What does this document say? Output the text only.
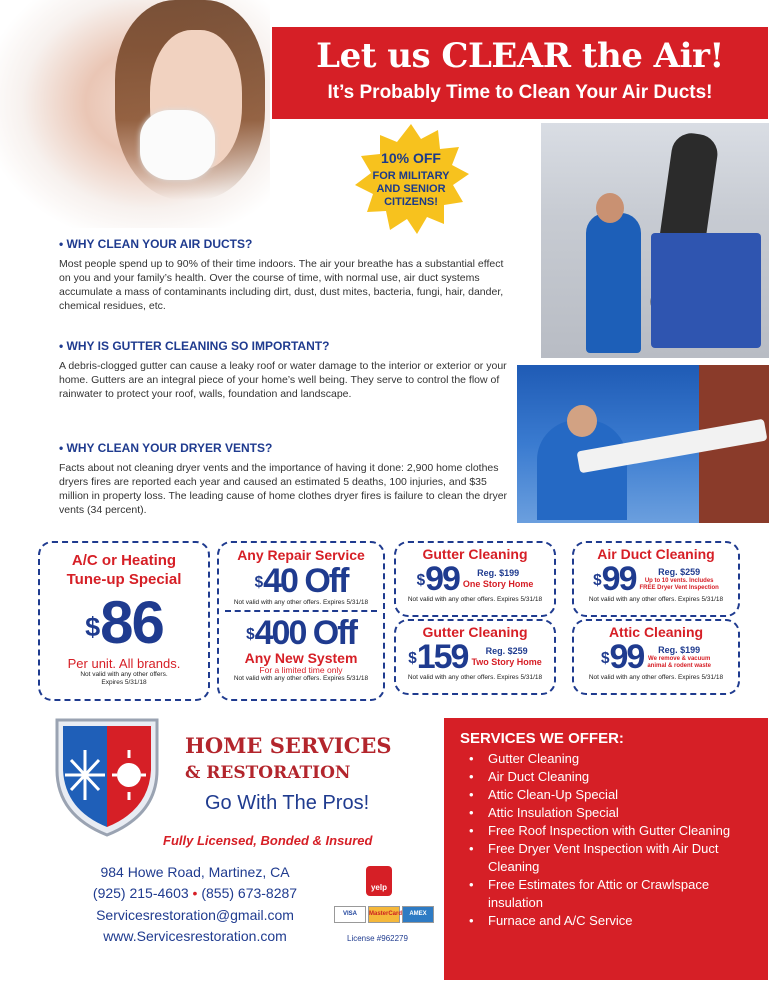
Let us CLEAR the Air!
It’s Probably Time to Clean Your Air Ducts!
10% OFF
FOR MILITARY
AND SENIOR
CITIZENS!
• WHY CLEAN YOUR AIR DUCTS?

Most people spend up to 90% of their time indoors. The air your breathe has a substantial effect on you and your family’s health. Over the course of time, with normal use, air duct systems accumulate a mass of contaminants including dirt, dust, dust mites, bacteria, fungi, hair, dander, chemical residues, etc.

• WHY IS GUTTER CLEANING SO IMPORTANT?

A debris-clogged gutter can cause a leaky roof or water damage to the interior or exterior or your home. Gutters are an integral piece of your home’s well being. They serve to control the flow of rainwater to protect your roof, walls, foundation and landscape.

• WHY CLEAN YOUR DRYER VENTS?

Facts about not cleaning dryer vents and the importance of having it done: 2,900 home clothes dryers fires are reported each year and caused an estimated 5 deaths, 100 injuries, and $35 million in property loss. The leading cause of home clothes dryer fires is failure to clean the dryer vents (34 percent).

A/C or Heating
Tune-up Special
$86
Per unit. All brands.
Not valid with any other offers.
Expires 5/31/18
Any Repair Service
$40 Off
Not valid with any other offers. Expires 5/31/18
$400 Off
Any New System
For a limited time only
Not valid with any other offers. Expires 5/31/18
Gutter Cleaning
$99	Reg. $199
One Story Home
Not valid with any other offers. Expires 5/31/18
Gutter Cleaning
$159	Reg. $259
Two Story Home
Not valid with any other offers. Expires 5/31/18
Air Duct Cleaning
$99	Reg. $259
Up to 10 vents. Includes
FREE Dryer Vent Inspection
Not valid with any other offers. Expires 5/31/18
Attic Cleaning
$99	Reg. $199
We remove & vacuum
animal & rodent waste
Not valid with any other offers. Expires 5/31/18
HOME SERVICES
& RESTORATION
Go With The Pros!
Fully Licensed, Bonded & Insured
984 Howe Road, Martinez, CA
(925) 215-4603 • (855) 673-8287
Servicesrestoration@gmail.com
www.Servicesrestoration.com
yelp
VISA	MasterCard	AMEX
License #962279
SERVICES WE OFFER:
• Gutter Cleaning
• Air Duct Cleaning
• Attic Clean-Up Special
• Attic Insulation Special
• Free Roof Inspection with Gutter Cleaning
• Free Dryer Vent Inspection with Air Duct Cleaning
• Free Estimates for Attic or Crawlspace insulation
• Furnace and A/C Service
